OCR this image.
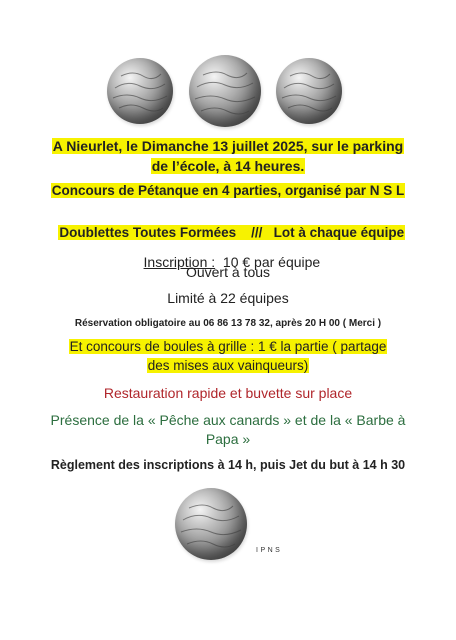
A Nieurlet, le Dimanche 13 juillet 2025, sur le parking
de l’école, à 14 heures.
Concours de Pétanque en 4 parties, organisé par N S L

Doublettes Toutes Formées    ///   Lot à chaque équipe

Inscription :  10 € par équipe

Ouvert à tous
Limité à 22 équipes
Réservation obligatoire au 06 86 13 78 32, après 20 H 00 ( Merci )
Et concours de boules à grille : 1 € la partie ( partage
des mises aux vainqueurs)
Restauration rapide et buvette sur place
Présence de la « Pêche aux canards » et de la « Barbe à
Papa »
Règlement des inscriptions à 14 h, puis Jet du but à 14 h 30
IPNS
